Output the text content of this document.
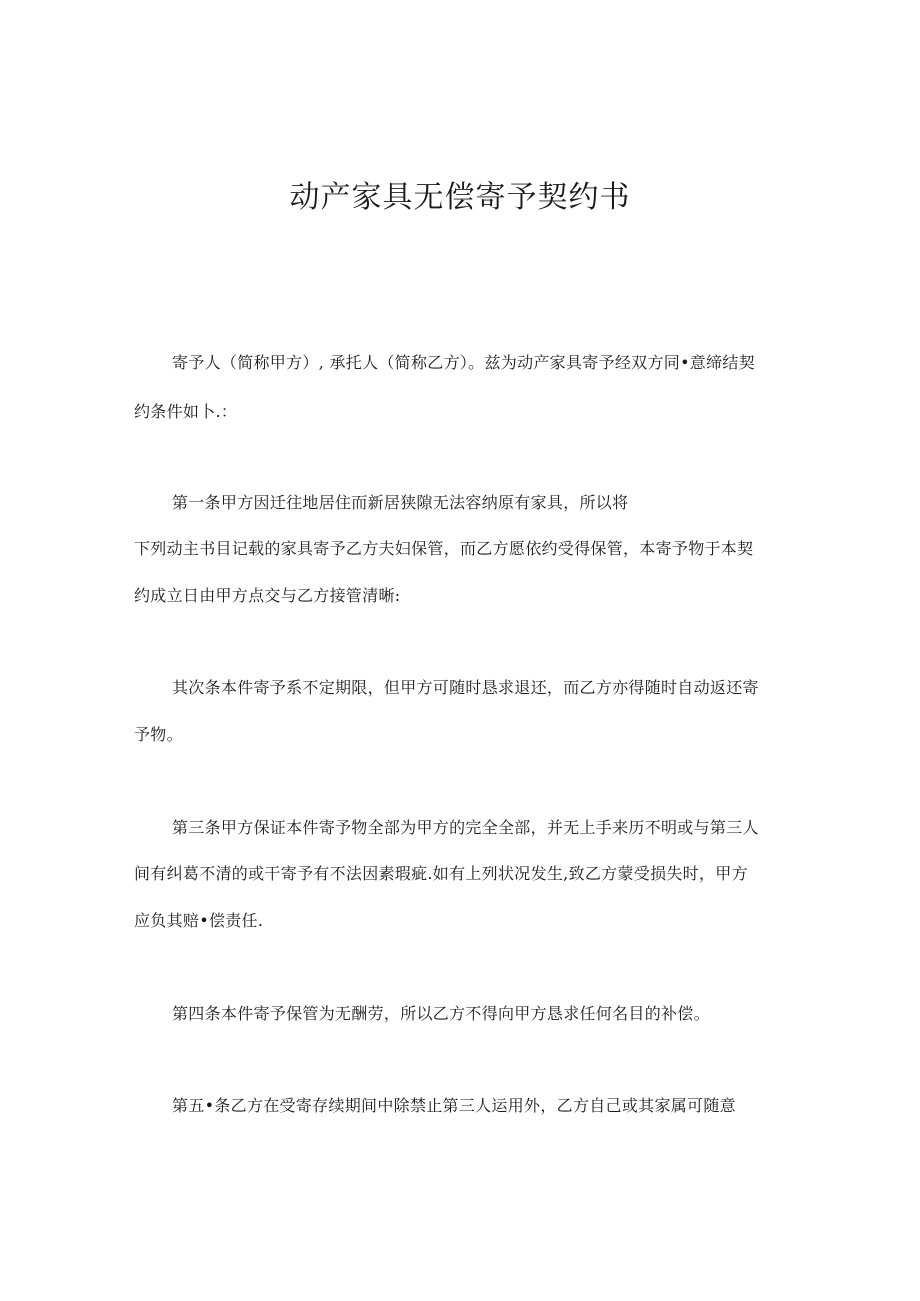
动产家具无偿寄予契约书
寄予人（简称甲方）, 承托人（简称乙方）。兹为动产家具寄予经双方同•意缔结契
约条件如卜.：
第一条甲方因迁往地居住而新居狭隙无法容纳原有家具，所以将
下列动主书目记载的家具寄予乙方夫妇保管，而乙方愿依约受得保管，本寄予物于本契
约成立日由甲方点交与乙方接管清晰:
其次条本件寄予系不定期限，但甲方可随时恳求退还，而乙方亦得随时自动返还寄
予物。
第三条甲方保证本件寄予物全部为甲方的完全全部，并无上手来历不明或与第三人
间有纠葛不清的或干寄予有不法因素瑕疵.如有上列状况发生,致乙方蒙受损失时，甲方
应负其赔•偿责任.
第四条本件寄予保管为无酬劳，所以乙方不得向甲方恳求任何名目的补偿。
第五•条乙方在受寄存续期间中除禁止第三人运用外，乙方自己或其家属可随意
